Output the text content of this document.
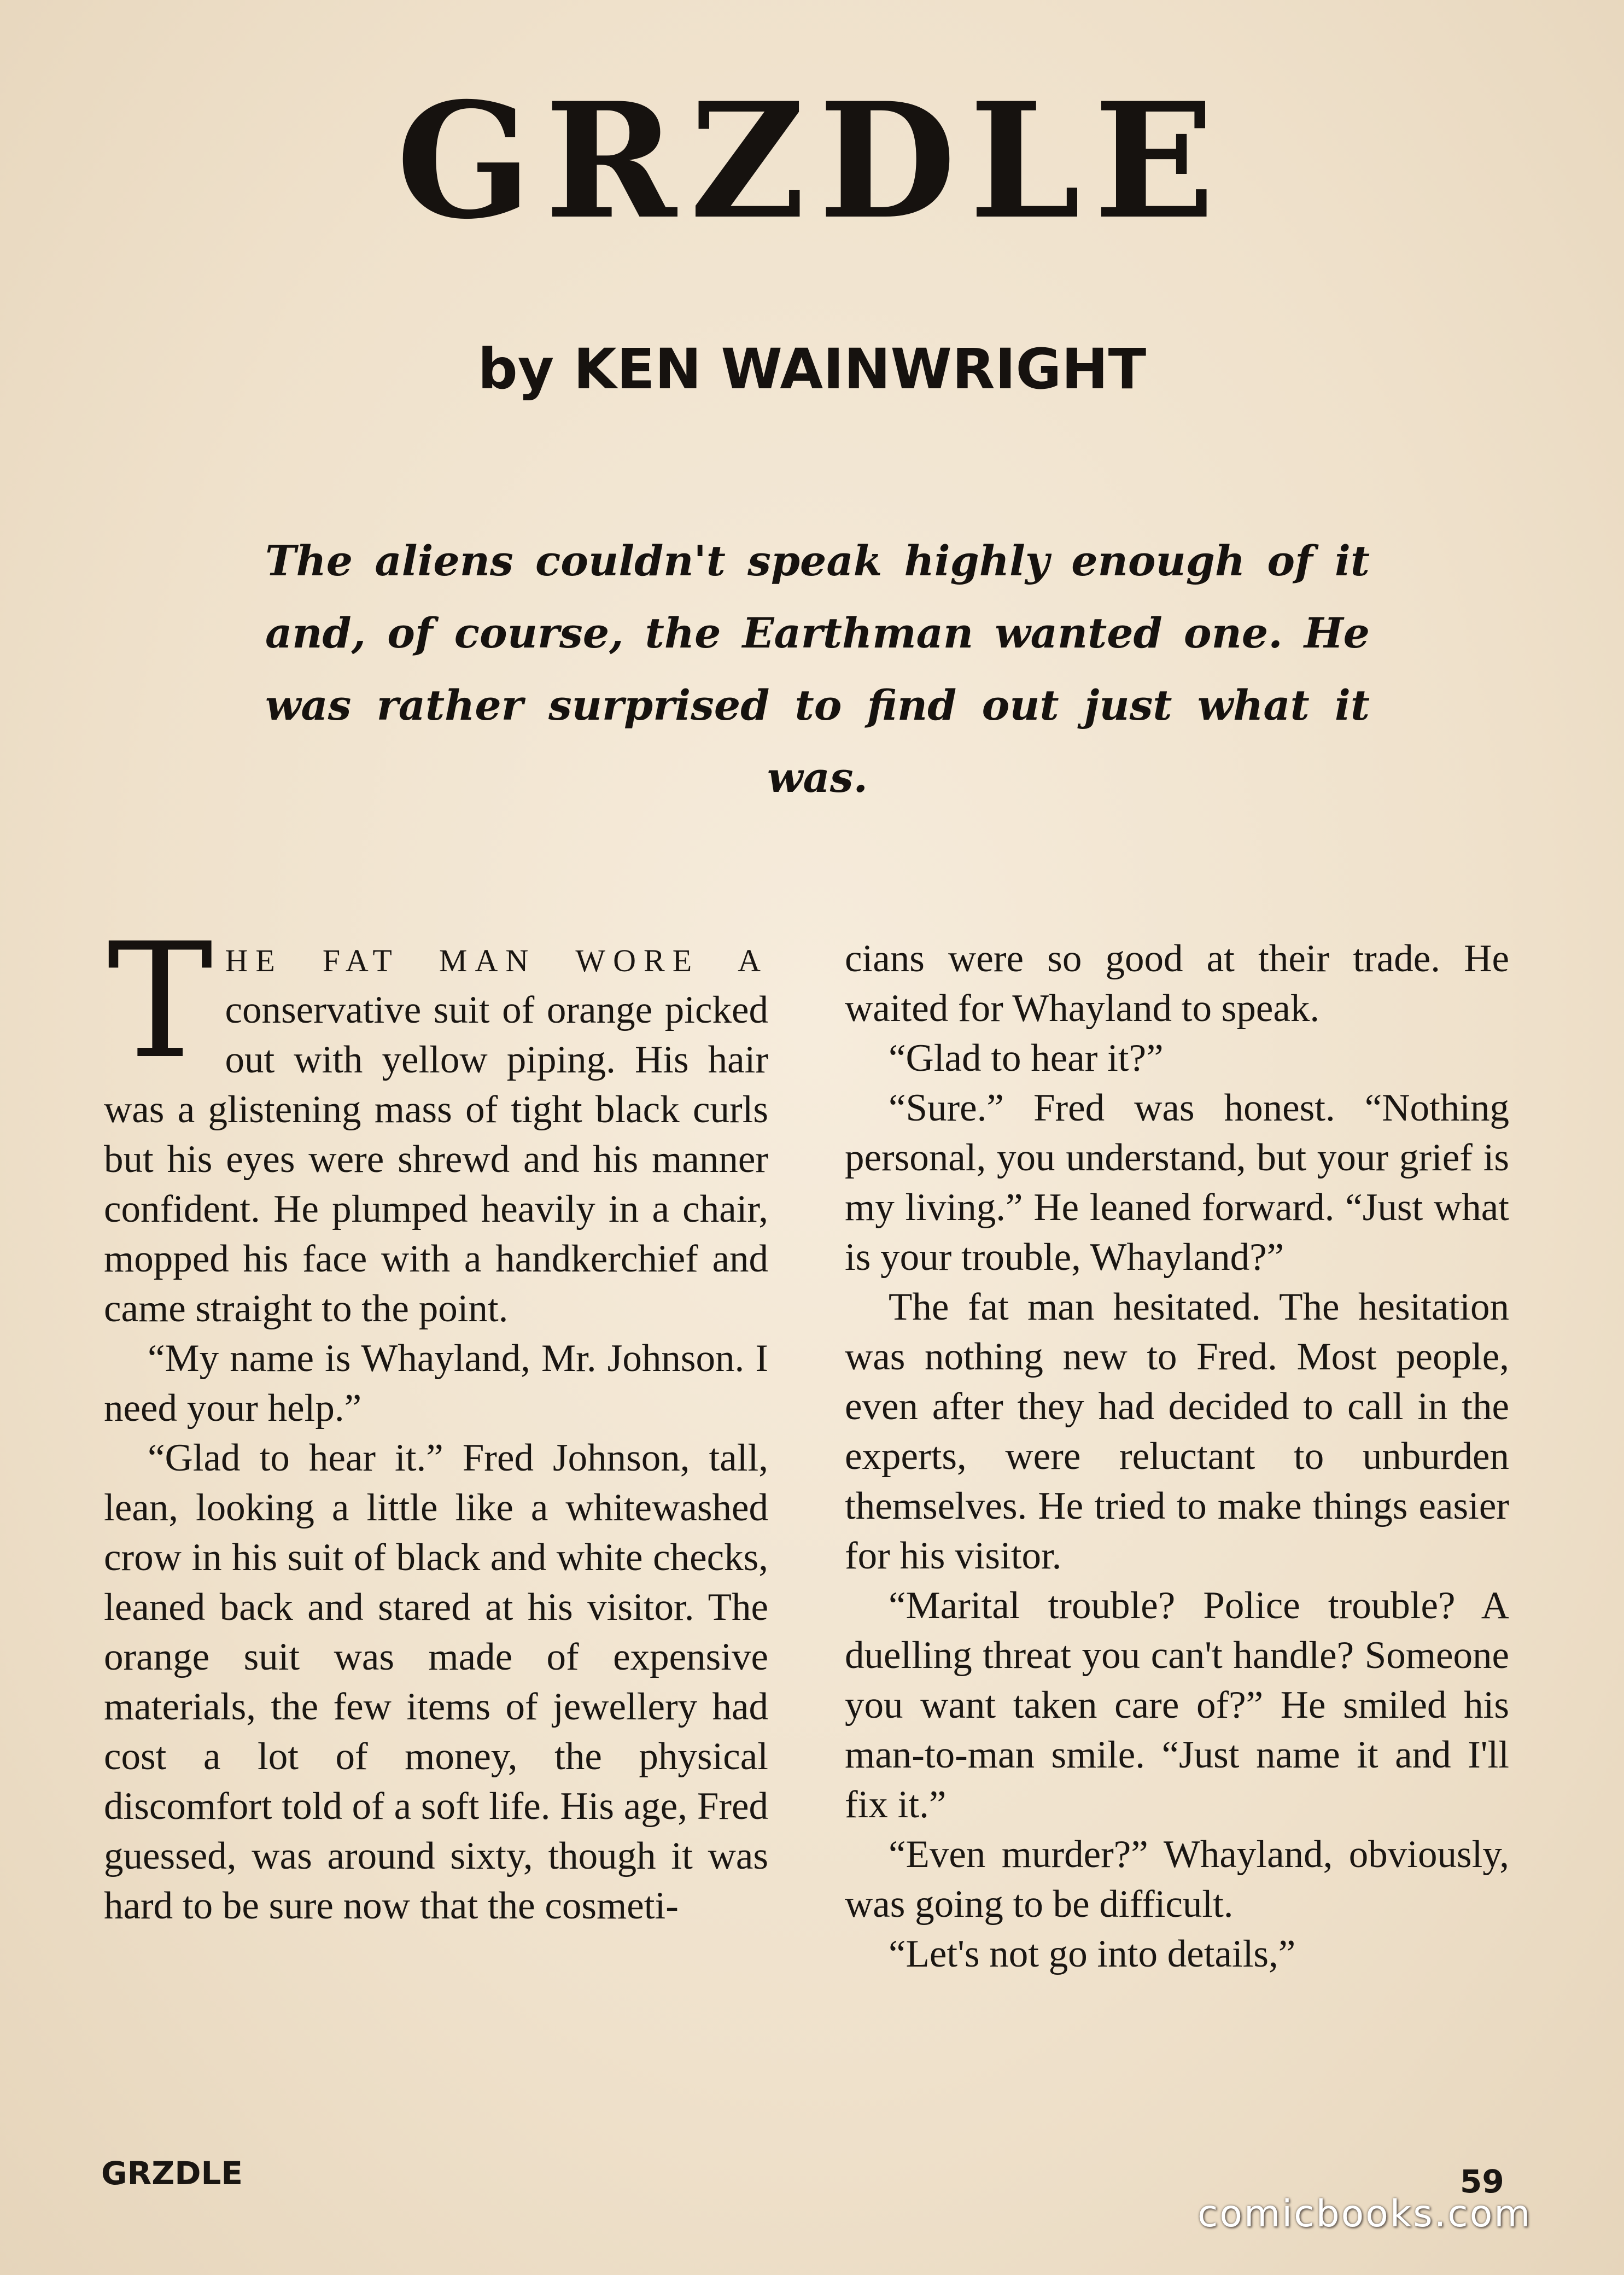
GRZDLE
by KEN WAINWRIGHT

The aliens couldn't speak highly enough of it and, of course, the Earthman wanted one. He was rather surprised to find out just what it was.

THE FAT MAN WORE A conservative suit of orange picked out with yellow piping. His hair was a glistening mass of tight black curls but his eyes were shrewd and his manner confident. He plumped heavily in a chair, mopped his face with a handkerchief and came straight to the point.

“My name is Whayland, Mr. Johnson. I need your help.”

“Glad to hear it.” Fred Johnson, tall, lean, looking a little like a whitewashed crow in his suit of black and white checks, leaned back and stared at his visitor. The orange suit was made of expensive materials, the few items of jewellery had cost a lot of money, the physical discomfort told of a soft life. His age, Fred guessed, was around sixty, though it was hard to be sure now that the cosmeti-

cians were so good at their trade. He waited for Whayland to speak.

“Glad to hear it?”

“Sure.” Fred was honest. “Nothing personal, you understand, but your grief is my living.” He leaned forward. “Just what is your trouble, Whayland?”

The fat man hesitated. The hesitation was nothing new to Fred. Most people, even after they had decided to call in the experts, were reluctant to unburden themselves. He tried to make things easier for his visitor.

“Marital trouble? Police trouble? A duelling threat you can't handle? Someone you want taken care of?” He smiled his man-to-man smile. “Just name it and I'll fix it.”

“Even murder?” Whayland, obviously, was going to be difficult.

“Let's not go into details,”

GRZDLE	59
comicbooks.com
